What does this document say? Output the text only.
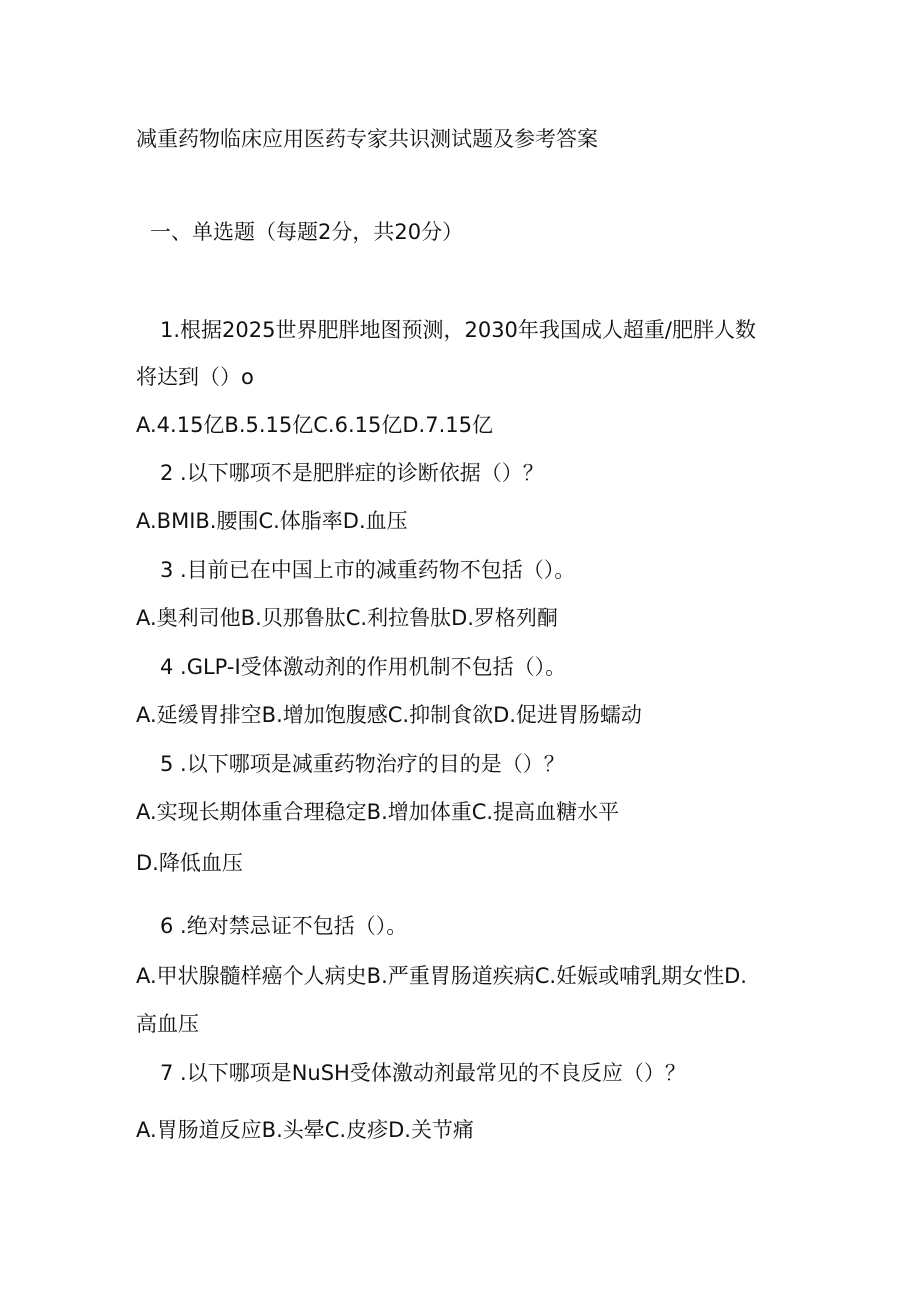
减重药物临床应用医药专家共识测试题及参考答案
一、单选题（每题2分，共20分）
1.根据2025世界肥胖地图预测，2030年我国成人超重/肥胖人数
将达到（）o
A.4.15亿B.5.15亿C.6.15亿D.7.15亿
2 .以下哪项不是肥胖症的诊断依据（）？
A.BMIB.腰围C.体脂率D.血压
3 .目前已在中国上市的减重药物不包括（）。
A.奥利司他B.贝那鲁肽C.利拉鲁肽D.罗格列酮
4 .GLP-I受体激动剂的作用机制不包括（）。
A.延缓胃排空B.增加饱腹感C.抑制食欲D.促进胃肠蠕动
5 .以下哪项是减重药物治疗的目的是（）？
A.实现长期体重合理稳定B.增加体重C.提高血糖水平
D.降低血压
6 .绝对禁忌证不包括（）。
A.甲状腺髓样癌个人病史B.严重胃肠道疾病C.妊娠或哺乳期女性D.
高血压
7 .以下哪项是NuSH受体激动剂最常见的不良反应（）？
A.胃肠道反应B.头晕C.皮疹D.关节痛
